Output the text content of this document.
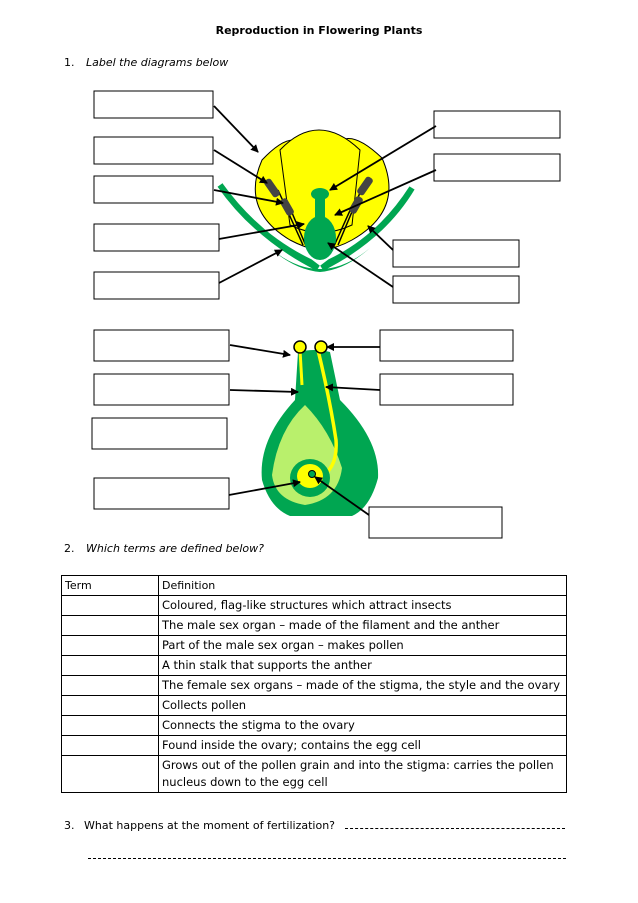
Reproduction in Flowering Plants
1. Label the diagrams below
2. Which terms are defined below?
Term	Definition
	Coloured, flag-like structures which attract insects
	The male sex organ – made of the filament and the anther
	Part of the male sex organ – makes pollen
	A thin stalk that supports the anther
	The female sex organs – made of the stigma, the style and the ovary
	Collects pollen
	Connects the stigma to the ovary
	Found inside the ovary; contains the egg cell
	Grows out of the pollen grain and into the stigma: carries the pollen nucleus down to the egg cell
3. What happens at the moment of fertilization?
